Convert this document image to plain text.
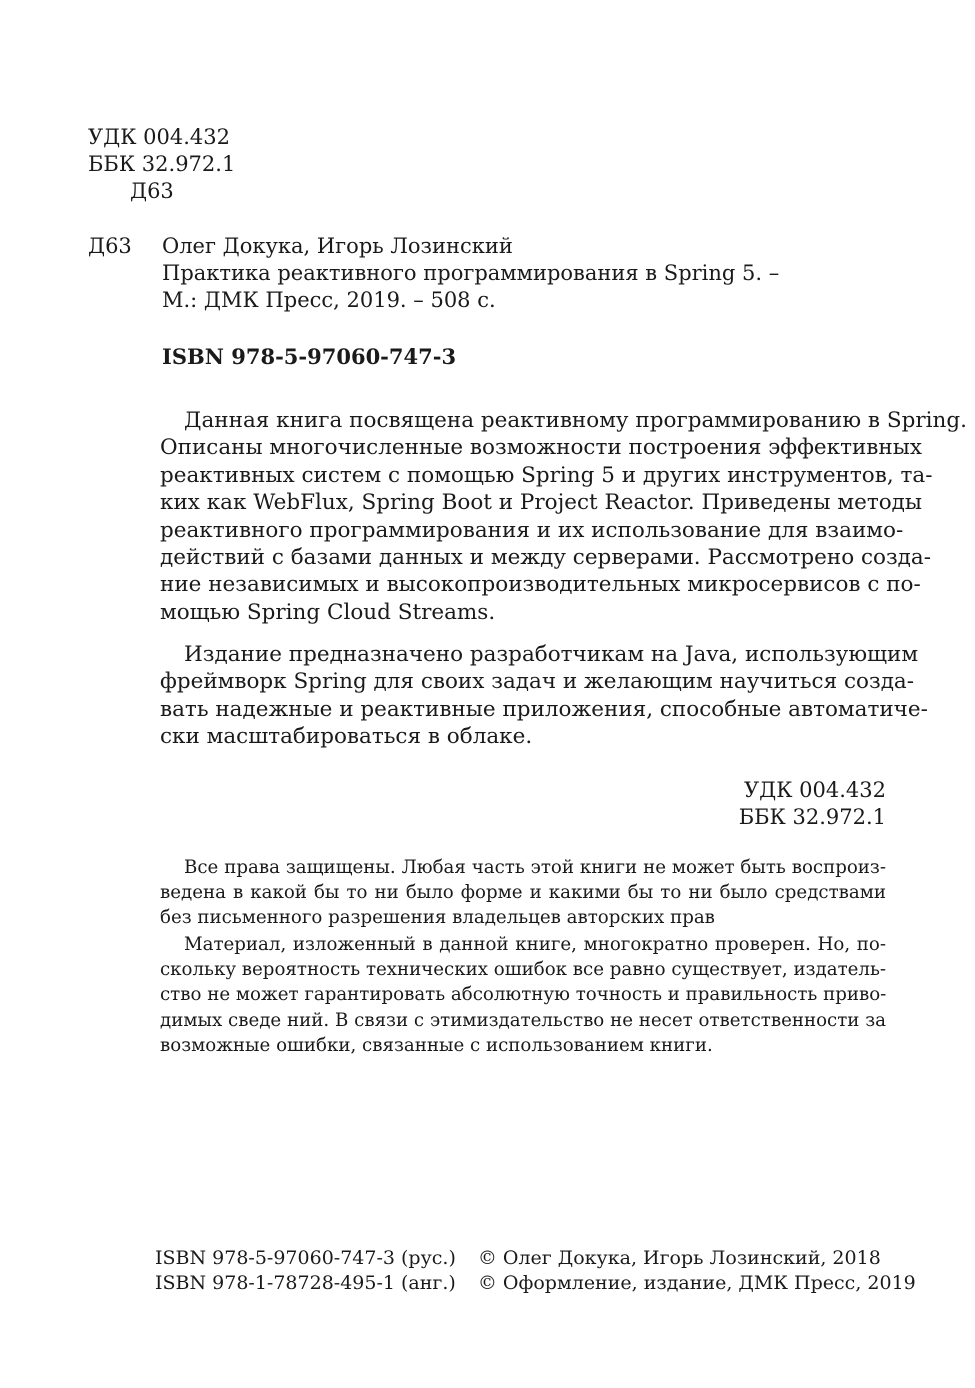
УДК 004.432
ББК 32.972.1
Д63
Д63 Олег Докука, Игорь Лозинский
Практика реактивного программирования в Spring 5. –
М.: ДМК Пресс, 2019. – 508 с.
ISBN 978-5-97060-747-3
Данная книга посвящена реактивному программированию в Spring.
Описаны многочисленные возможности построения эффективных
реактивных систем с помощью Spring 5 и других инструментов, та-
ких как WebFlux, Spring Boot и Project Reactor. Приведены методы
реактивного программирования и их использование для взаимо-
действий с базами данных и между серверами. Рассмотрено созда-
ние независимых и высокопроизводительных микросервисов с по-
мощью Spring Cloud Streams.
Издание предназначено разработчикам на Java, использующим
фреймворк Spring для своих задач и желающим научиться созда-
вать надежные и реактивные приложения, способные автоматиче-
ски масштабироваться в облаке.
УДК 004.432
ББК 32.972.1
Все права защищены. Любая часть этой книги не может быть воспроиз-
ведена в какой бы то ни было форме и какими бы то ни было средствами
без письменного разрешения владельцев авторских прав
Материал, изложенный в данной книге, многократно проверен. Но, по-
скольку вероятность технических ошибок все равно существует, издатель-
ство не может гарантировать абсолютную точность и правильность приво-
димых сведе ний. В связи с этимиздательство не несет ответственности за
возможные ошибки, связанные с использованием книги.
ISBN 978-5-97060-747-3 (рус.)	© Олег Докука, Игорь Лозинский, 2018
ISBN 978-1-78728-495-1 (анг.)	© Оформление, издание, ДМК Пресс, 2019
